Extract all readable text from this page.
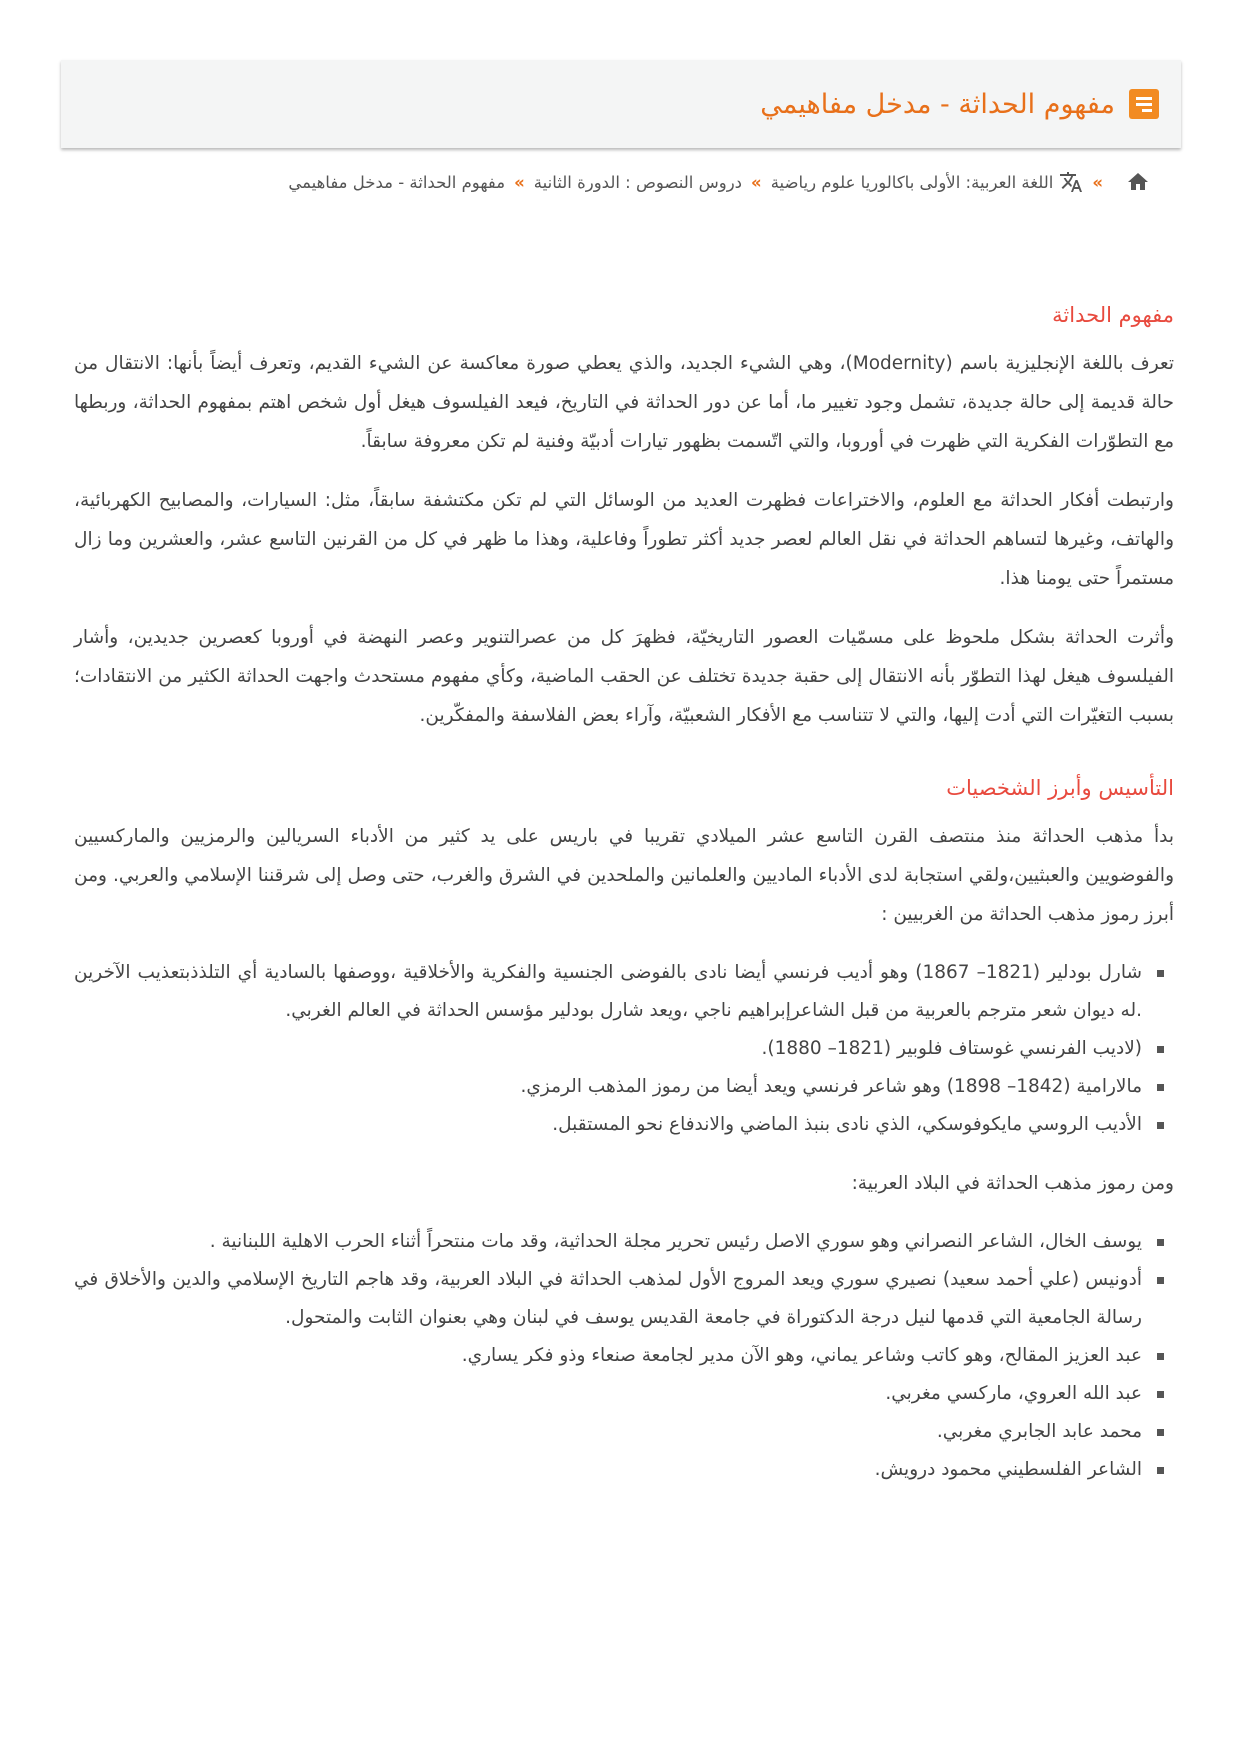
مفهوم الحداثة - مدخل مفاهيمي
»
اللغة العربية: الأولى باكالوريا علوم رياضية
»
دروس النصوص : الدورة الثانية
»
مفهوم الحداثة - مدخل مفاهيمي
مفهوم الحداثة

تعرف باللغة الإنجليزية باسم (Modernity)، وهي الشيء الجديد، والذي يعطي صورة معاكسة عن الشيء القديم، وتعرف أيضاً بأنها: الانتقال من حالة قديمة إلى حالة جديدة، تشمل وجود تغيير ما، أما عن دور الحداثة في التاريخ، فيعد الفيلسوف هيغل أول شخص اهتم بمفهوم الحداثة، وربطها مع التطوّرات الفكرية التي ظهرت في أوروبا، والتي اتّسمت بظهور تيارات أدبيّة وفنية لم تكن معروفة سابقاً.

وارتبطت أفكار الحداثة مع العلوم، والاختراعات فظهرت العديد من الوسائل التي لم تكن مكتشفة سابقاً، مثل: السيارات، والمصابيح الكهربائية، والهاتف، وغيرها لتساهم الحداثة في نقل العالم لعصر جديد أكثر تطوراً وفاعلية، وهذا ما ظهر في كل من القرنين التاسع عشر، والعشرين وما زال مستمراً حتى يومنا هذا.

وأثرت الحداثة بشكل ملحوظ على مسمّيات العصور التاريخيّة، فظهرَ كل من عصرالتنوير وعصر النهضة في أوروبا كعصرين جديدين، وأشار الفيلسوف هيغل لهذا التطوّر بأنه الانتقال إلى حقبة جديدة تختلف عن الحقب الماضية، وكأي مفهوم مستحدث واجهت الحداثة الكثير من الانتقادات؛ بسبب التغيّرات التي أدت إليها، والتي لا تتناسب مع الأفكار الشعبيّة، وآراء بعض الفلاسفة والمفكّرين.

التأسيس وأبرز الشخصيات

بدأ مذهب الحداثة منذ منتصف القرن التاسع عشر الميلادي تقريبا في باريس على يد كثير من الأدباء السريالين والرمزيين والماركسيين والفوضويين والعبثيين،ولقي استجابة لدى الأدباء الماديين والعلمانين والملحدين في الشرق والغرب، حتى وصل إلى شرقننا الإسلامي والعربي. ومن أبرز رموز مذهب الحداثة من الغربيين :

شارل بودلير (1821– 1867) وهو أديب فرنسي أيضا نادى بالفوضى الجنسية والفكرية والأخلاقية ،ووصفها بالسادية أي التلذذبتعذيب الآخرين .له ديوان شعر مترجم بالعربية من قبل الشاعرإبراهيم ناجي ،ويعد شارل بودلير مؤسس الحداثة في العالم الغربي.
(لاديب الفرنسي غوستاف فلوبير (1821– 1880).
مالارامية (1842– 1898) وهو شاعر فرنسي ويعد أيضا من رموز المذهب الرمزي.
الأديب الروسي مايكوفوسكي، الذي نادى بنبذ الماضي والاندفاع نحو المستقبل.

ومن رموز مذهب الحداثة في البلاد العربية:

يوسف الخال، الشاعر النصراني وهو سوري الاصل رئيس تحرير مجلة الحداثية، وقد مات منتحراً أثناء الحرب الاهلية اللبنانية .
أدونيس (علي أحمد سعيد) نصيري سوري ويعد المروج الأول لمذهب الحداثة في البلاد العربية، وقد هاجم التاريخ الإسلامي والدين والأخلاق في رسالة الجامعية التي قدمها لنيل درجة الدكتوراة في جامعة القديس يوسف في لبنان وهي بعنوان الثابت والمتحول.
عبد العزيز المقالح، وهو كاتب وشاعر يماني، وهو الآن مدير لجامعة صنعاء وذو فكر يساري.
عبد الله العروي، ماركسي مغربي.
محمد عابد الجابري مغربي.
الشاعر الفلسطيني محمود درويش.
